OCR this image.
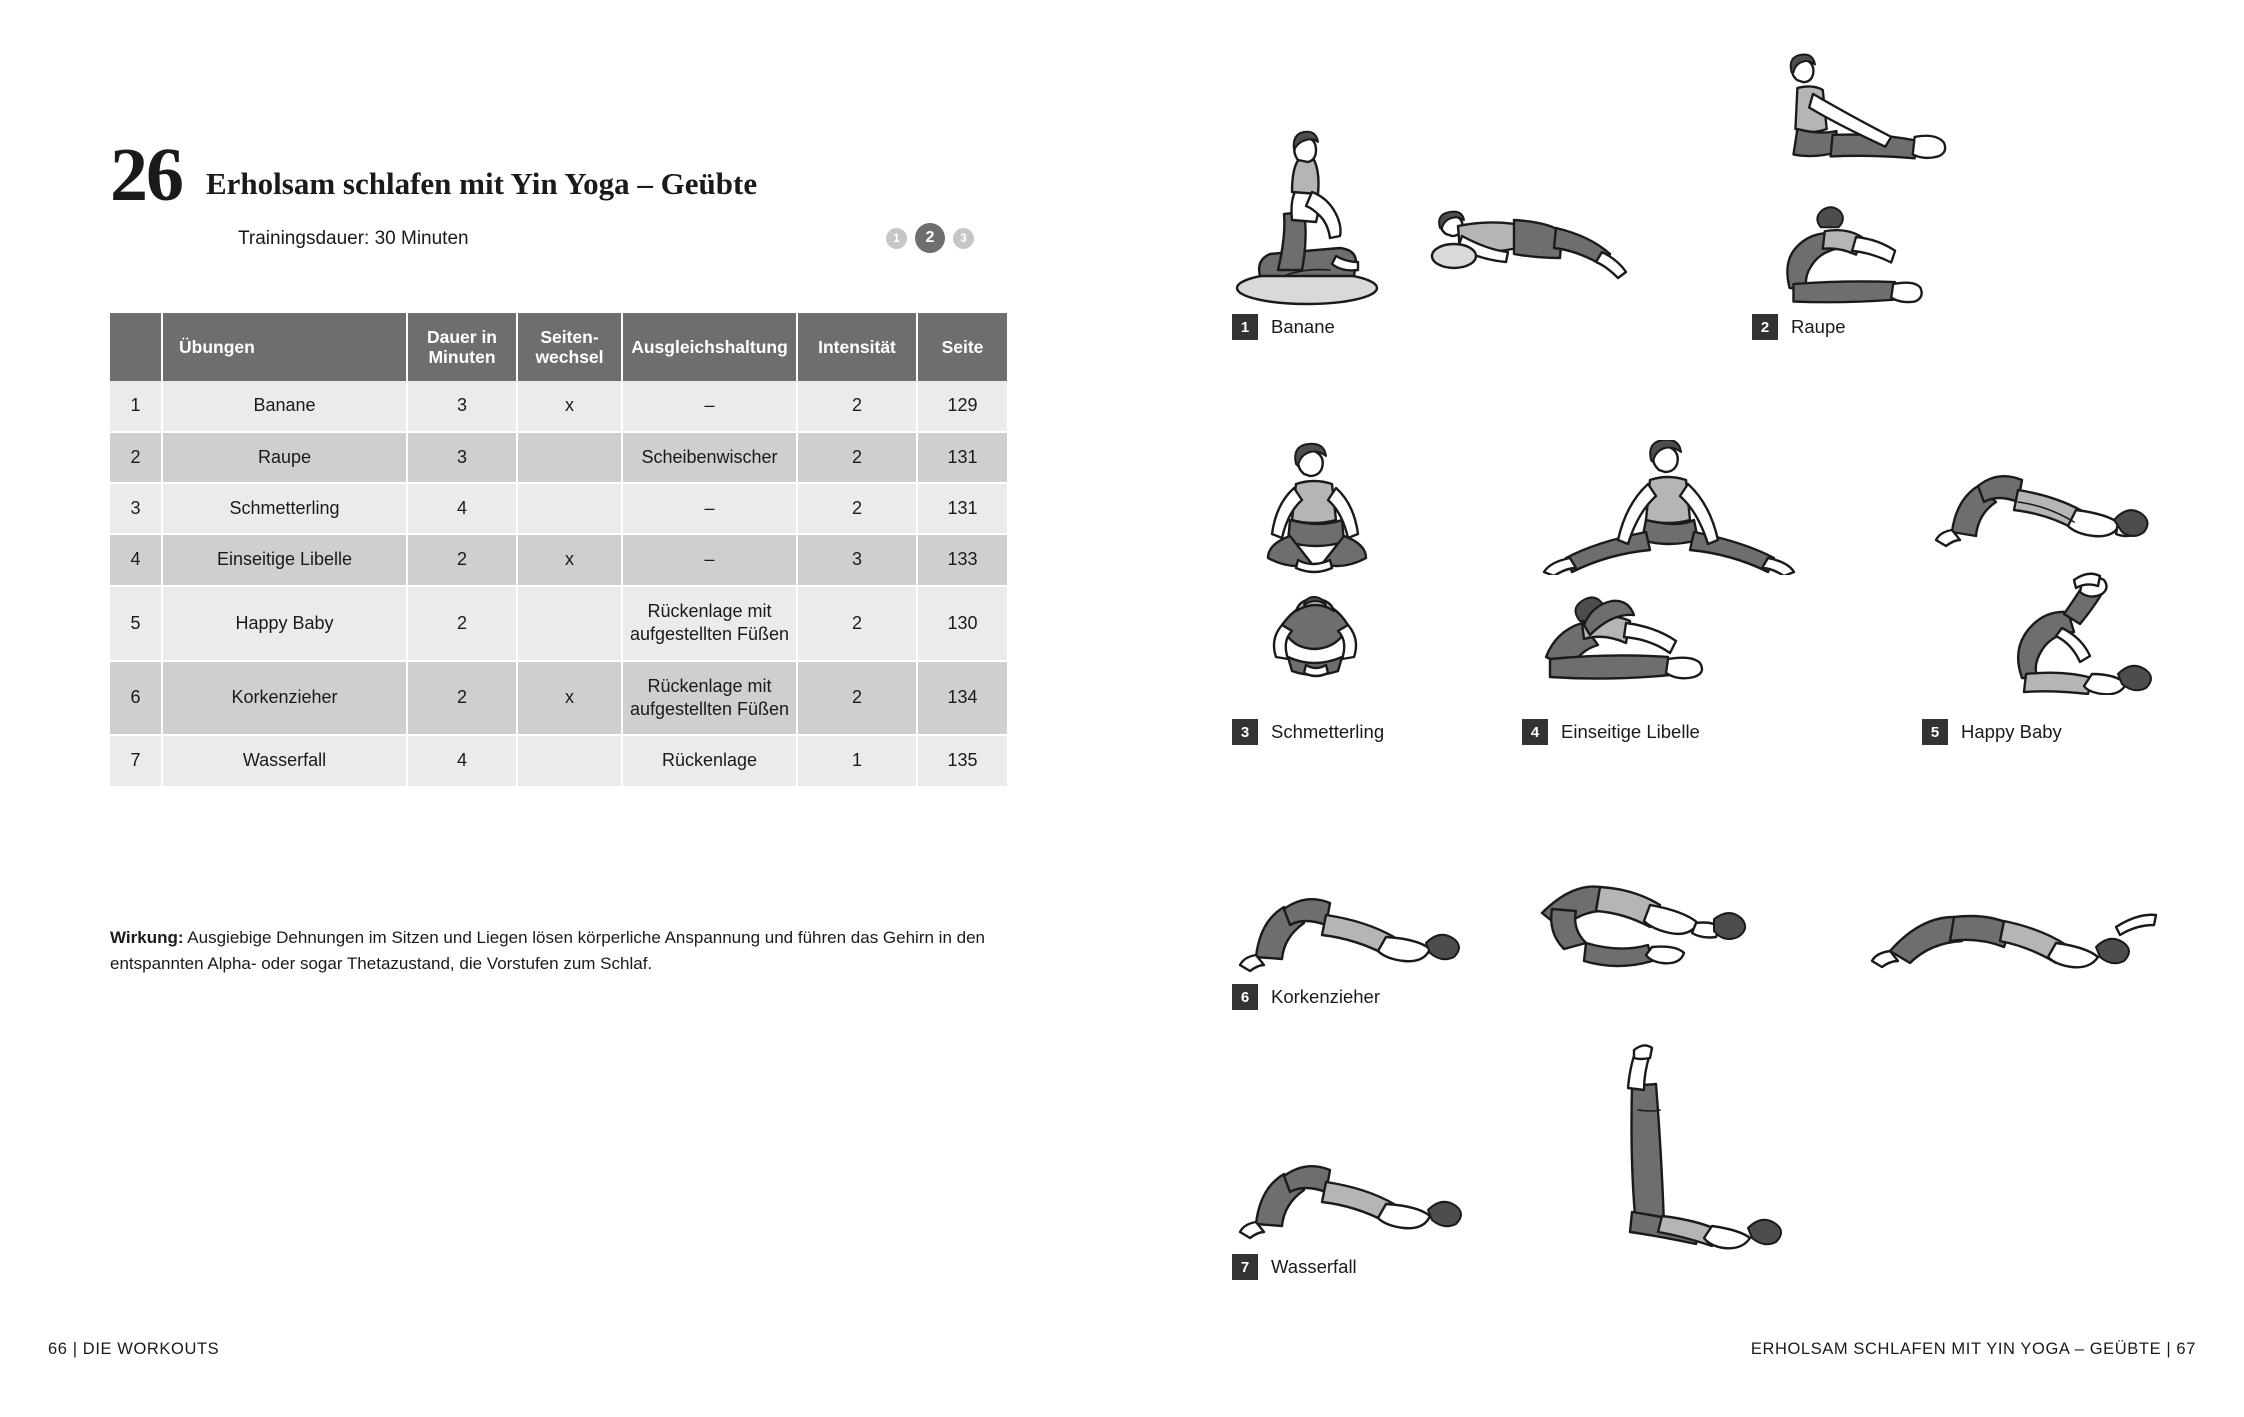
26 Erholsam schlafen mit Yin Yoga – Geübte
Trainingsdauer: 30 Minuten	1	2	3
	Übungen	Dauer in Minuten	Seiten- wechsel	Ausgleichshaltung	Intensität	Seite
1	Banane	3	x	–	2	129
2	Raupe	3		Scheibenwischer	2	131
3	Schmetterling	4		–	2	131
4	Einseitige Libelle	2	x	–	3	133
5	Happy Baby	2		Rückenlage mit aufgestellten Füßen	2	130
6	Korkenzieher	2	x	Rückenlage mit aufgestellten Füßen	2	134
7	Wasserfall	4		Rückenlage	1	135
Wirkung: Ausgiebige Dehnungen im Sitzen und Liegen lösen körperliche Anspannung und führen das Gehirn in den entspannten Alpha- oder sogar Thetazustand, die Vorstufen zum Schlaf.
66 | DIE WORKOUTS
1	Banane	2	Raupe
3	Schmetterling	4	Einseitige Libelle	5	Happy Baby
6	Korkenzieher
7	Wasserfall
ERHOLSAM SCHLAFEN MIT YIN YOGA – GEÜBTE | 67
